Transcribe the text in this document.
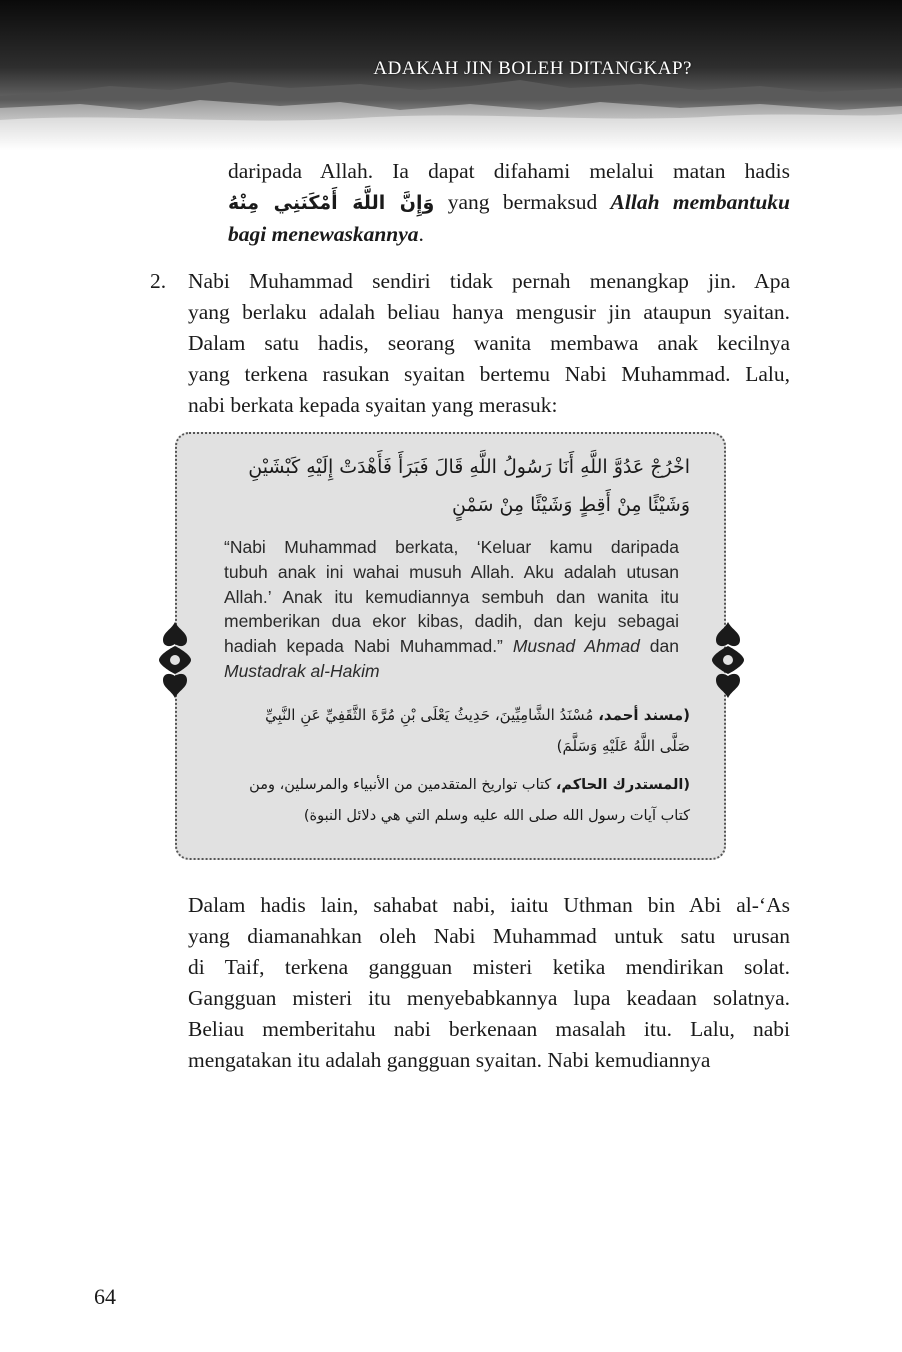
ADAKAH JIN BOLEH DITANGKAP?
daripada Allah. Ia dapat difahami melalui matan hadis
وَإِنَّ اللَّهَ أَمْكَنَنِي مِنْهُ yang bermaksud Allah membantuku
bagi menewaskannya.
2.	Nabi Muhammad sendiri tidak pernah menangkap jin. Apa
yang berlaku adalah beliau hanya mengusir jin ataupun syaitan.
Dalam satu hadis, seorang wanita membawa anak kecilnya
yang terkena rasukan syaitan bertemu Nabi Muhammad. Lalu,
nabi berkata kepada syaitan yang merasuk:
اخْرُجْ عَدُوَّ اللَّهِ أَنَا رَسُولُ اللَّهِ قَالَ فَبَرَأَ فَأَهْدَتْ إِلَيْهِ كَبْشَيْنِ
وَشَيْئًا مِنْ أَقِطٍ وَشَيْئًا مِنْ سَمْنٍ
“Nabi Muhammad berkata, ‘Keluar kamu daripada
tubuh anak ini wahai musuh Allah. Aku adalah utusan
Allah.’ Anak itu kemudiannya sembuh dan wanita itu
memberikan dua ekor kibas, dadih, dan keju sebagai
hadiah kepada Nabi Muhammad.” Musnad Ahmad dan
Mustadrak al-Hakim
(مسند أحمد، مُسْنَدُ الشَّامِيِّينَ، حَدِيثُ يَعْلَى بْنِ مُرَّةَ الثَّقَفِيِّ عَنِ النَّبِيِّ
صَلَّى اللَّهُ عَلَيْهِ وَسَلَّمَ)
(المستدرك الحاكم، كتاب تواريخ المتقدمين من الأنبياء والمرسلين، ومن
كتاب آيات رسول الله صلى الله عليه وسلم التي هي دلائل النبوة)
Dalam hadis lain, sahabat nabi, iaitu Uthman bin Abi al-‘As
yang diamanahkan oleh Nabi Muhammad untuk satu urusan
di Taif, terkena gangguan misteri ketika mendirikan solat.
Gangguan misteri itu menyebabkannya lupa keadaan solatnya.
Beliau memberitahu nabi berkenaan masalah itu. Lalu, nabi
mengatakan itu adalah gangguan syaitan. Nabi kemudiannya
64
